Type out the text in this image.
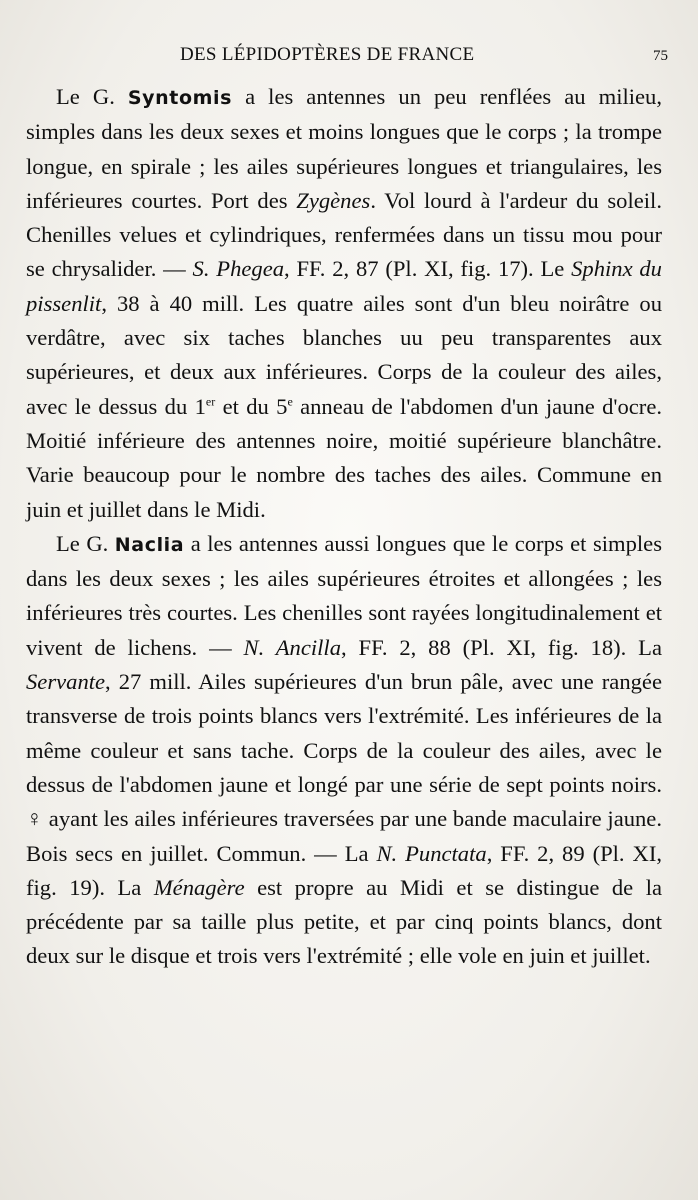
DES LÉPIDOPTÈRES DE FRANCE	75

Le G. Syntomis a les antennes un peu renflées au milieu, simples dans les deux sexes et moins longues que le corps ; la trompe longue, en spirale ; les ailes supérieures longues et triangulaires, les inférieures courtes. Port des Zygènes. Vol lourd à l'ardeur du soleil. Chenilles velues et cylindriques, renfermées dans un tissu mou pour se chrysalider. — S. Phegea, FF. 2, 87 (Pl. XI, fig. 17). Le Sphinx du pissenlit, 38 à 40 mill. Les quatre ailes sont d'un bleu noirâtre ou verdâtre, avec six taches blanches uu peu transparentes aux supérieures, et deux aux inférieures. Corps de la couleur des ailes, avec le dessus du 1er et du 5e anneau de l'abdomen d'un jaune d'ocre. Moitié inférieure des antennes noire, moitié supérieure blanchâtre. Varie beaucoup pour le nombre des taches des ailes. Commune en juin et juillet dans le Midi.

Le G. Naclia a les antennes aussi longues que le corps et simples dans les deux sexes ; les ailes supérieures étroites et allongées ; les inférieures très courtes. Les chenilles sont rayées longitudinalement et vivent de lichens. — N. Ancilla, FF. 2, 88 (Pl. XI, fig. 18). La Servante, 27 mill. Ailes supérieures d'un brun pâle, avec une rangée transverse de trois points blancs vers l'extrémité. Les inférieures de la même couleur et sans tache. Corps de la couleur des ailes, avec le dessus de l'abdomen jaune et longé par une série de sept points noirs. ♀ ayant les ailes inférieures traversées par une bande maculaire jaune. Bois secs en juillet. Commun. — La N. Punctata, FF. 2, 89 (Pl. XI, fig. 19). La Ménagère est propre au Midi et se distingue de la précédente par sa taille plus petite, et par cinq points blancs, dont deux sur le disque et trois vers l'extrémité ; elle vole en juin et juillet.
